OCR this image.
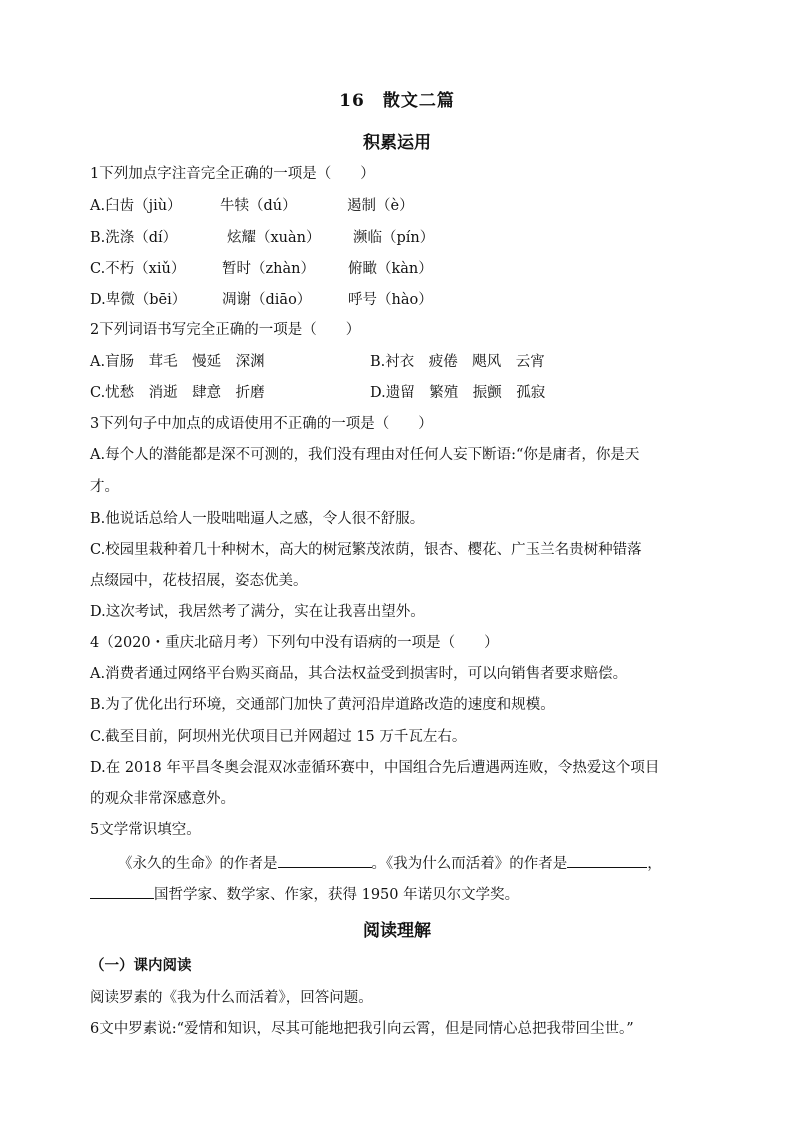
16 散文二篇
积累运用
1下列加点字注音完全正确的一项是（　　）
A.臼齿（jiù）	牛犊（dú）	遏制（è）
B.洗涤（dí）	炫耀（xuàn） 濒临（pín）
C.不朽（xiǔ）	暂时（zhàn） 俯瞰（kàn）
D.卑微（bēi） 凋谢（diāo）	呼号（hào）
2下列词语书写完全正确的一项是（　　）
A.盲肠　茸毛　慢延　深渊	B.衬衣　疲倦　飓风　云宵
C.忧愁　消逝　肆意　折磨	D.遗留　繁殖　振颤　孤寂
3下列句子中加点的成语使用不正确的一项是（　　）
A.每个人的潜能都是深不可测的，我们没有理由对任何人妄下断语:“你是庸者，你是天
才。
B.他说话总给人一股咄咄逼人之感，令人很不舒服。
C.校园里栽种着几十种树木，高大的树冠繁茂浓荫，银杏、樱花、广玉兰名贵树种错落
点缀园中，花枝招展，姿态优美。
D.这次考试，我居然考了满分，实在让我喜出望外。
4（2020・重庆北碚月考）下列句中没有语病的一项是（　　）
A.消费者通过网络平台购买商品，其合法权益受到损害时，可以向销售者要求赔偿。
B.为了优化出行环境，交通部门加快了黄河沿岸道路改造的速度和规模。
C.截至目前，阿坝州光伏项目已并网超过 15 万千瓦左右。
D.在 2018 年平昌冬奥会混双冰壶循环赛中，中国组合先后遭遇两连败，令热爱这个项目
的观众非常深感意外。
5文学常识填空。
《永久的生命》的作者是	。《我为什么而活着》的作者是	，
国哲学家、数学家、作家，获得 1950 年诺贝尔文学奖。
阅读理解
（一）课内阅读
阅读罗素的《我为什么而活着》，回答问题。
6文中罗素说:“爱情和知识，尽其可能地把我引向云霄，但是同情心总把我带回尘世。”
